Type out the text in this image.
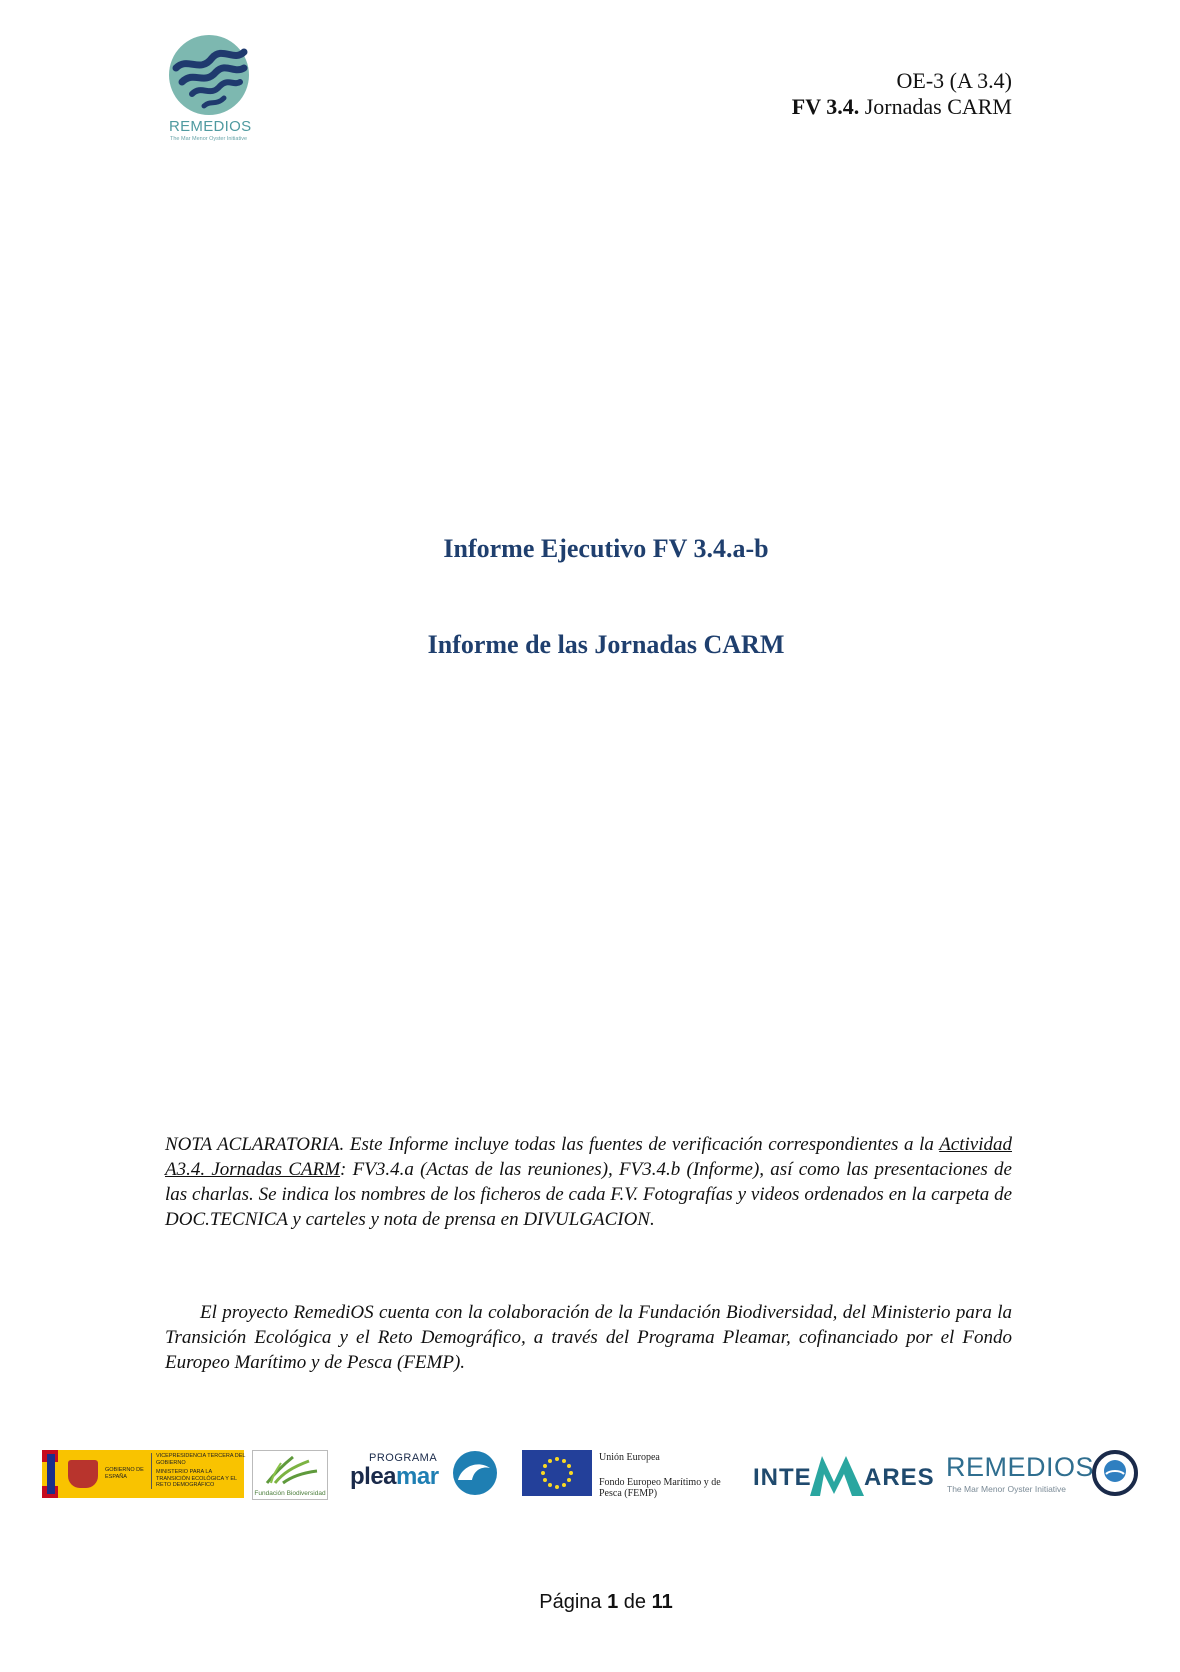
REMEDIOS
The Mar Menor Oyster Initiative
OE-3 (A 3.4)
FV 3.4. Jornadas CARM
Informe Ejecutivo FV 3.4.a-b
Informe de las Jornadas CARM
NOTA ACLARATORIA. Este Informe incluye todas las fuentes de verificación correspondientes a la Actividad A3.4. Jornadas CARM: FV3.4.a (Actas de las reuniones), FV3.4.b (Informe), así como las presentaciones de las charlas. Se indica los nombres de los ficheros de cada F.V. Fotografías y videos ordenados en la carpeta de DOC.TECNICA y carteles y nota de prensa en DIVULGACION.
El proyecto RemediOS cuenta con la colaboración de la Fundación Biodiversidad, del Ministerio para la Transición Ecológica y el Reto Demográfico, a través del Programa Pleamar, cofinanciado por el Fondo Europeo Marítimo y de Pesca (FEMP).
GOBIERNO DE ESPAÑA
VICEPRESIDENCIA TERCERA DEL GOBIERNO
MINISTERIO PARA LA TRANSICIÓN ECOLÓGICA Y EL RETO DEMOGRÁFICO
Fundación Biodiversidad
PROGRAMA
pleamar
Unión Europea
Fondo Europeo Marítimo y de Pesca (FEMP)
INTE ARES REMEDIOS
The Mar Menor Oyster Initiative
Página 1 de 11
